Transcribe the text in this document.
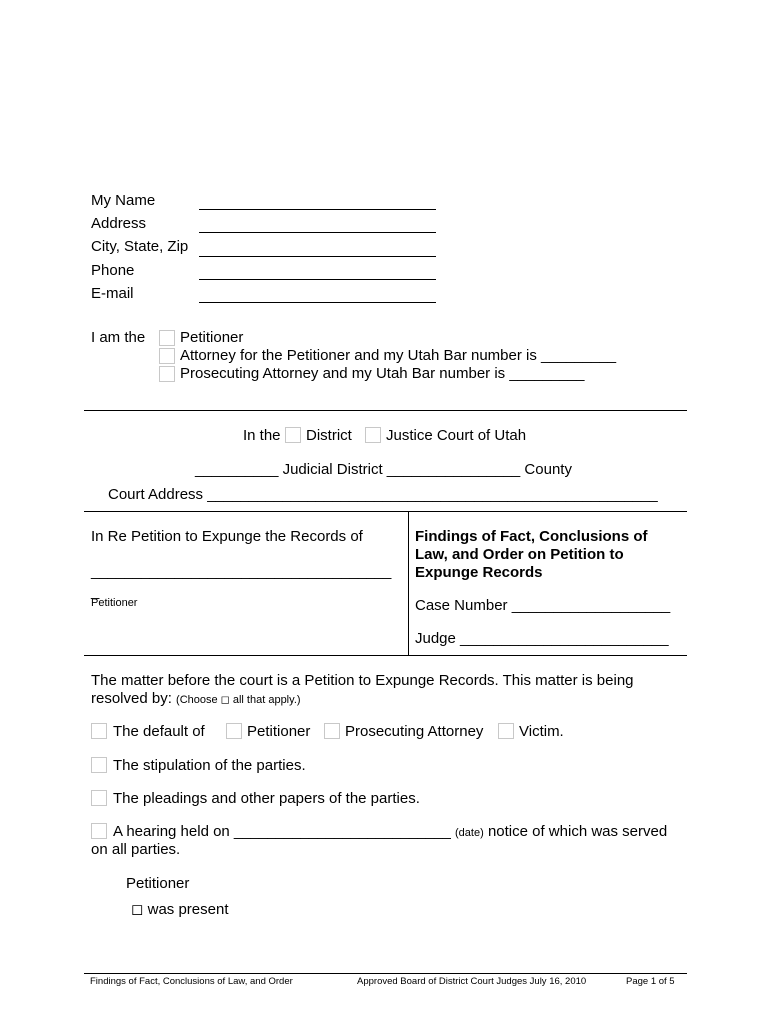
My Name
Address
City, State, Zip
Phone
E-mail
I am the Petitioner
Attorney for the Petitioner and my Utah Bar number is _________
Prosecuting Attorney and my Utah Bar number is _________
In the District Justice Court of Utah
__________ Judicial District ________________ County
Court Address ______________________________________________________
In Re Petition to Expunge the Records of
____________________________________
_
Petitioner
Findings of Fact, Conclusions of
Law, and Order on Petition to
Expunge Records
Case Number ___________________
Judge _________________________
The matter before the court is a Petition to Expunge Records. This matter is being
resolved by: (Choose ◻ all that apply.)
The default of	Petitioner Prosecuting Attorney Victim.
The stipulation of the parties.
The pleadings and other papers of the parties.
A hearing held on __________________________ (date) notice of which was served
on all parties.
Petitioner
◻ was present
Findings of Fact, Conclusions of Law, and Order	Approved Board of District Court Judges July 16, 2010	Page 1 of 5
